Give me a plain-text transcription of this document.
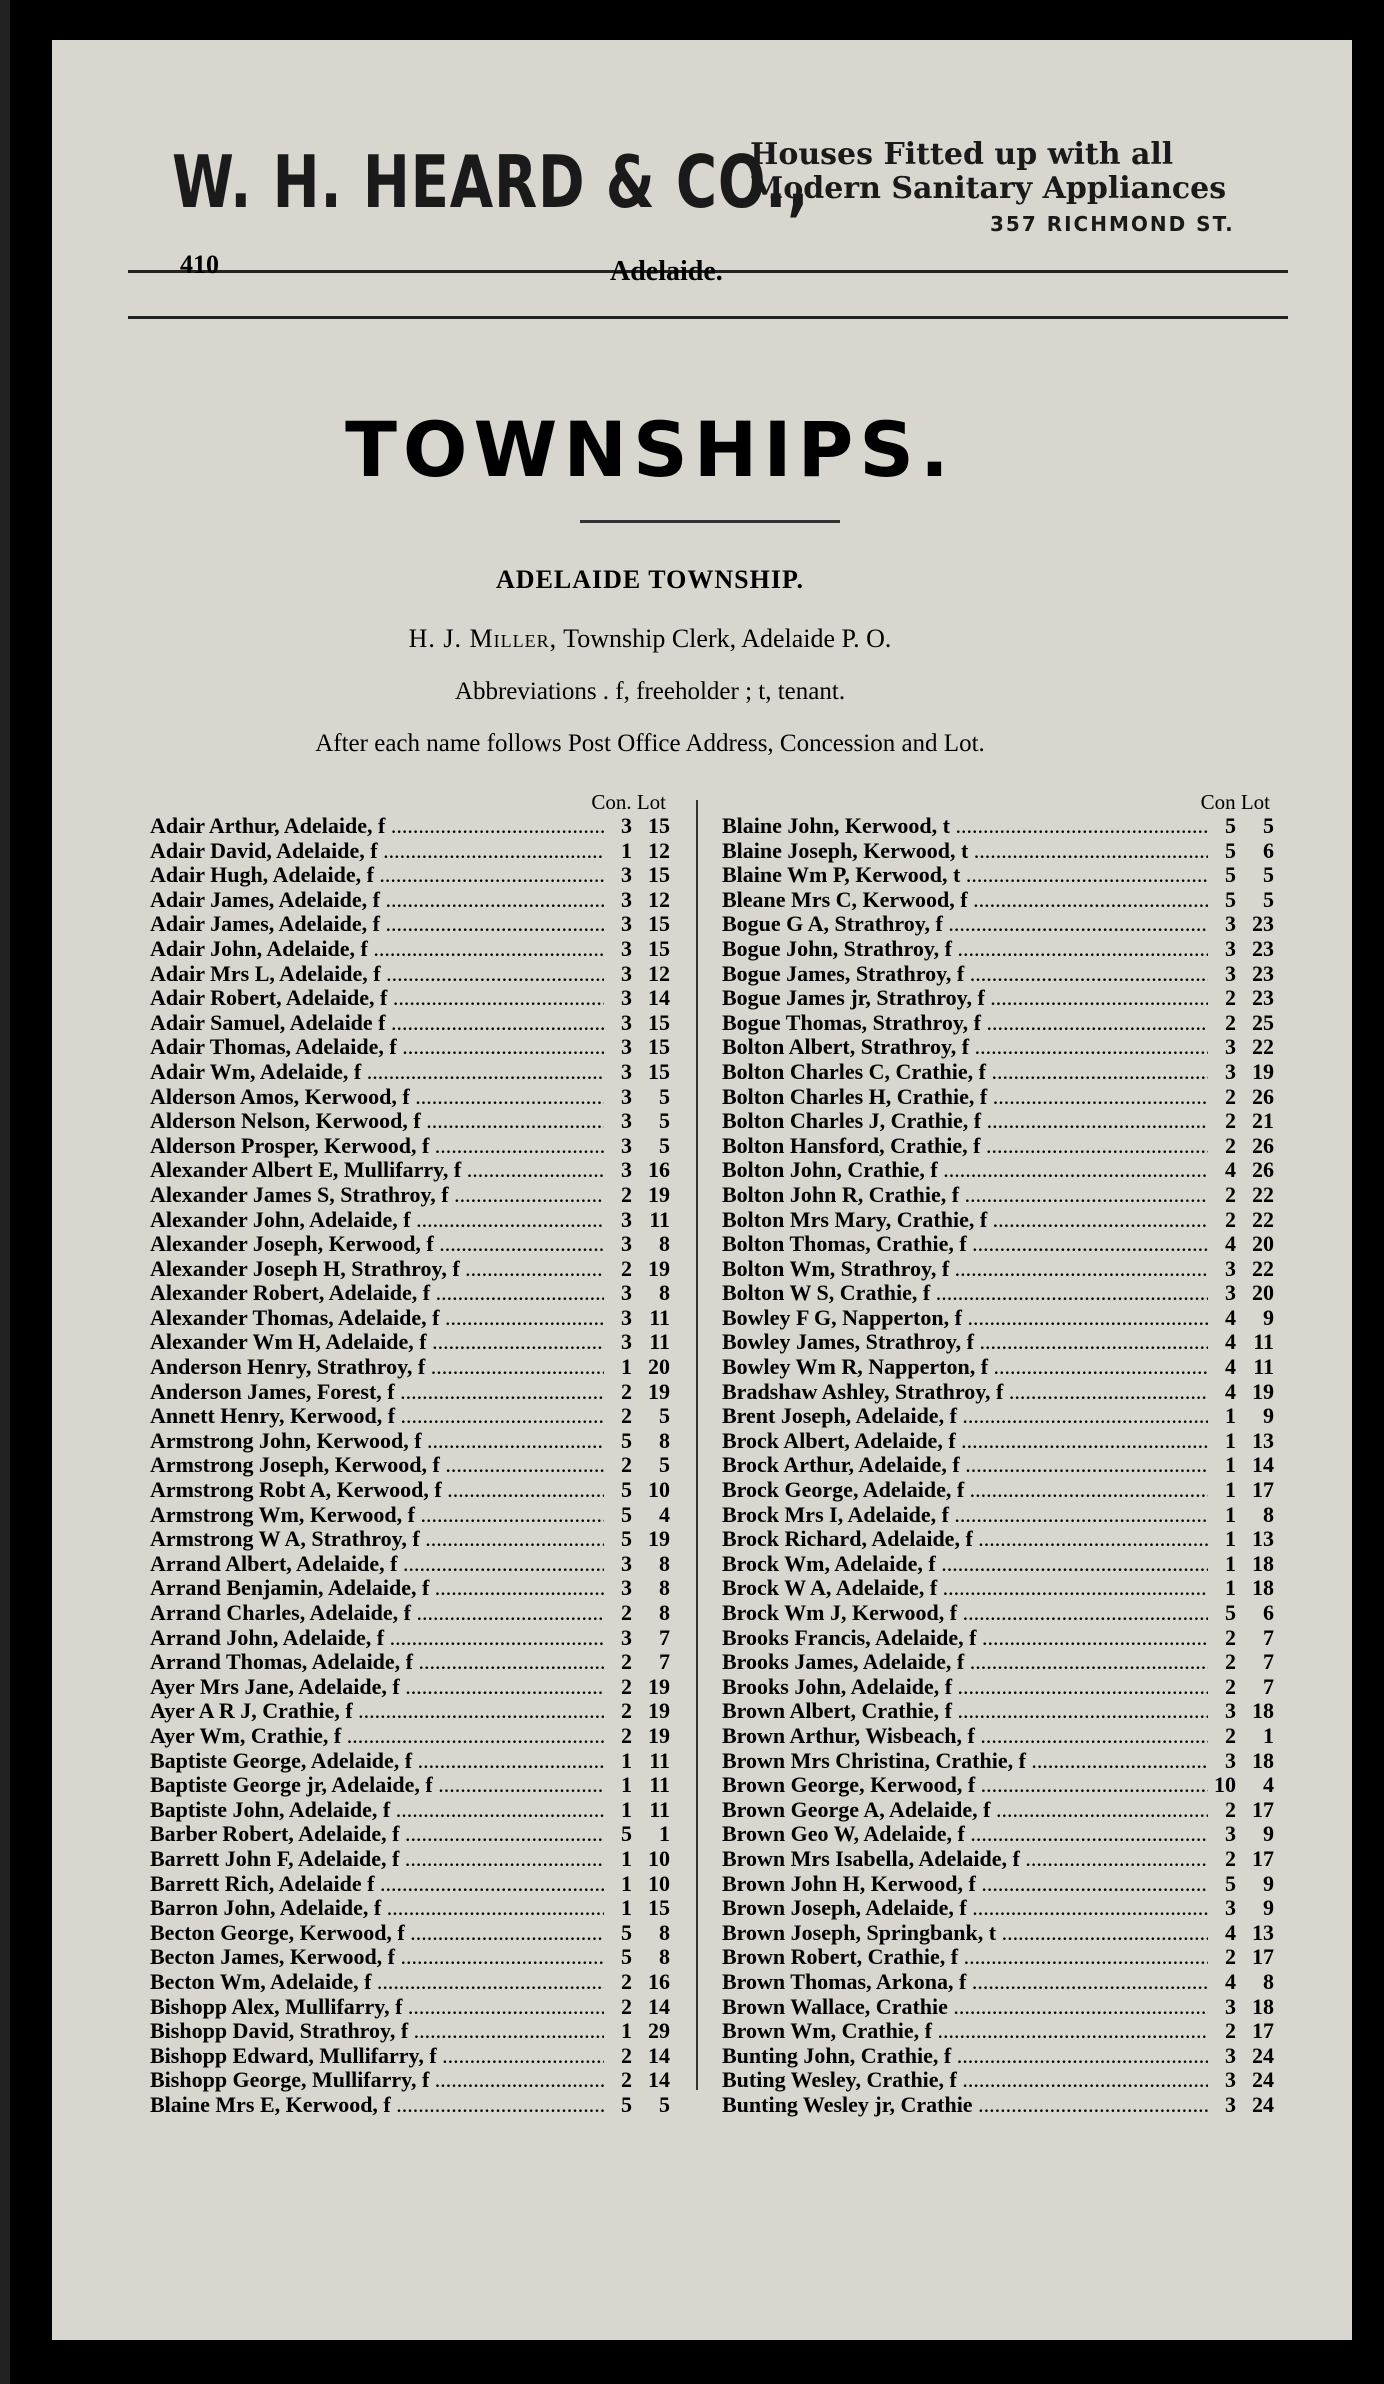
W. H. HEARD & CO.,
Houses Fitted up with all
Modern Sanitary Appliances
357 RICHMOND ST.
410	Adelaide.
TOWNSHIPS.
ADELAIDE TOWNSHIP.
H. J. Miller, Township Clerk, Adelaide P. O.
Abbreviations . f, freeholder ; t, tenant.
After each name follows Post Office Address, Concession and Lot.
Con. Lot
Adair Arthur, Adelaide, f .....	3 15
Adair David, Adelaide, f .....	1 12
Adair Hugh, Adelaide, f .....	3 15
Adair James, Adelaide, f .....	3 12
Adair James, Adelaide, f .....	3 15
Adair John, Adelaide, f .....	3 15
Adair Mrs L, Adelaide, f .....	3 12
Adair Robert, Adelaide, f .....	3 14
Adair Samuel, Adelaide f .....	3 15
Adair Thomas, Adelaide, f .....	3 15
Adair Wm, Adelaide, f .....	3 15
Alderson Amos, Kerwood, f .....	3 5
Alderson Nelson, Kerwood, f .....	3 5
Alderson Prosper, Kerwood, f .....	3 5
Alexander Albert E, Mullifarry, f .....	3 16
Alexander James S, Strathroy, f .....	2 19
Alexander John, Adelaide, f .....	3 11
Alexander Joseph, Kerwood, f .....	3 8
Alexander Joseph H, Strathroy, f .....	2 19
Alexander Robert, Adelaide, f .....	3 8
Alexander Thomas, Adelaide, f .....	3 11
Alexander Wm H, Adelaide, f .....	3 11
Anderson Henry, Strathroy, f .....	1 20
Anderson James, Forest, f .....	2 19
Annett Henry, Kerwood, f .....	2 5
Armstrong John, Kerwood, f .....	5 8
Armstrong Joseph, Kerwood, f .....	2 5
Armstrong Robt A, Kerwood, f .....	5 10
Armstrong Wm, Kerwood, f .....	5 4
Armstrong W A, Strathroy, f .....	5 19
Arrand Albert, Adelaide, f .....	3 8
Arrand Benjamin, Adelaide, f .....	3 8
Arrand Charles, Adelaide, f .....	2 8
Arrand John, Adelaide, f .....	3 7
Arrand Thomas, Adelaide, f .....	2 7
Ayer Mrs Jane, Adelaide, f .....	2 19
Ayer A R J, Crathie, f .....	2 19
Ayer Wm, Crathie, f .....	2 19
Baptiste George, Adelaide, f .....	1 11
Baptiste George jr, Adelaide, f .....	1 11
Baptiste John, Adelaide, f .....	1 11
Barber Robert, Adelaide, f .....	5 1
Barrett John F, Adelaide, f .....	1 10
Barrett Rich, Adelaide f .....	1 10
Barron John, Adelaide, f .....	1 15
Becton George, Kerwood, f .....	5 8
Becton James, Kerwood, f .....	5 8
Becton Wm, Adelaide, f .....	2 16
Bishopp Alex, Mullifarry, f .....	2 14
Bishopp David, Strathroy, f .....	1 29
Bishopp Edward, Mullifarry, f .....	2 14
Bishopp George, Mullifarry, f .....	2 14
Blaine Mrs E, Kerwood, f .....	5 5
Con Lot
Blaine John, Kerwood, t .....	5 5
Blaine Joseph, Kerwood, t .....	5 6
Blaine Wm P, Kerwood, t .....	5 5
Bleane Mrs C, Kerwood, f .....	5 5
Bogue G A, Strathroy, f .....	3 23
Bogue John, Strathroy, f .....	3 23
Bogue James, Strathroy, f .....	3 23
Bogue James jr, Strathroy, f .....	2 23
Bogue Thomas, Strathroy, f .....	2 25
Bolton Albert, Strathroy, f .....	3 22
Bolton Charles C, Crathie, f .....	3 19
Bolton Charles H, Crathie, f .....	2 26
Bolton Charles J, Crathie, f .....	2 21
Bolton Hansford, Crathie, f .....	2 26
Bolton John, Crathie, f .....	4 26
Bolton John R, Crathie, f .....	2 22
Bolton Mrs Mary, Crathie, f .....	2 22
Bolton Thomas, Crathie, f .....	4 20
Bolton Wm, Strathroy, f .....	3 22
Bolton W S, Crathie, f .....	3 20
Bowley F G, Napperton, f .....	4 9
Bowley James, Strathroy, f .....	4 11
Bowley Wm R, Napperton, f .....	4 11
Bradshaw Ashley, Strathroy, f .....	4 19
Brent Joseph, Adelaide, f .....	1 9
Brock Albert, Adelaide, f .....	1 13
Brock Arthur, Adelaide, f .....	1 14
Brock George, Adelaide, f .....	1 17
Brock Mrs I, Adelaide, f .....	1 8
Brock Richard, Adelaide, f .....	1 13
Brock Wm, Adelaide, f .....	1 18
Brock W A, Adelaide, f .....	1 18
Brock Wm J, Kerwood, f .....	5 6
Brooks Francis, Adelaide, f .....	2 7
Brooks James, Adelaide, f .....	2 7
Brooks John, Adelaide, f .....	2 7
Brown Albert, Crathie, f .....	3 18
Brown Arthur, Wisbeach, f .....	2 1
Brown Mrs Christina, Crathie, f .....	3 18
Brown George, Kerwood, f .....	10 4
Brown George A, Adelaide, f .....	2 17
Brown Geo W, Adelaide, f .....	3 9
Brown Mrs Isabella, Adelaide, f .....	2 17
Brown John H, Kerwood, f .....	5 9
Brown Joseph, Adelaide, f .....	3 9
Brown Joseph, Springbank, t .....	4 13
Brown Robert, Crathie, f .....	2 17
Brown Thomas, Arkona, f .....	4 8
Brown Wallace, Crathie .....	3 18
Brown Wm, Crathie, f .....	2 17
Bunting John, Crathie, f .....	3 24
Buting Wesley, Crathie, f .....	3 24
Bunting Wesley jr, Crathie .....	3 24
